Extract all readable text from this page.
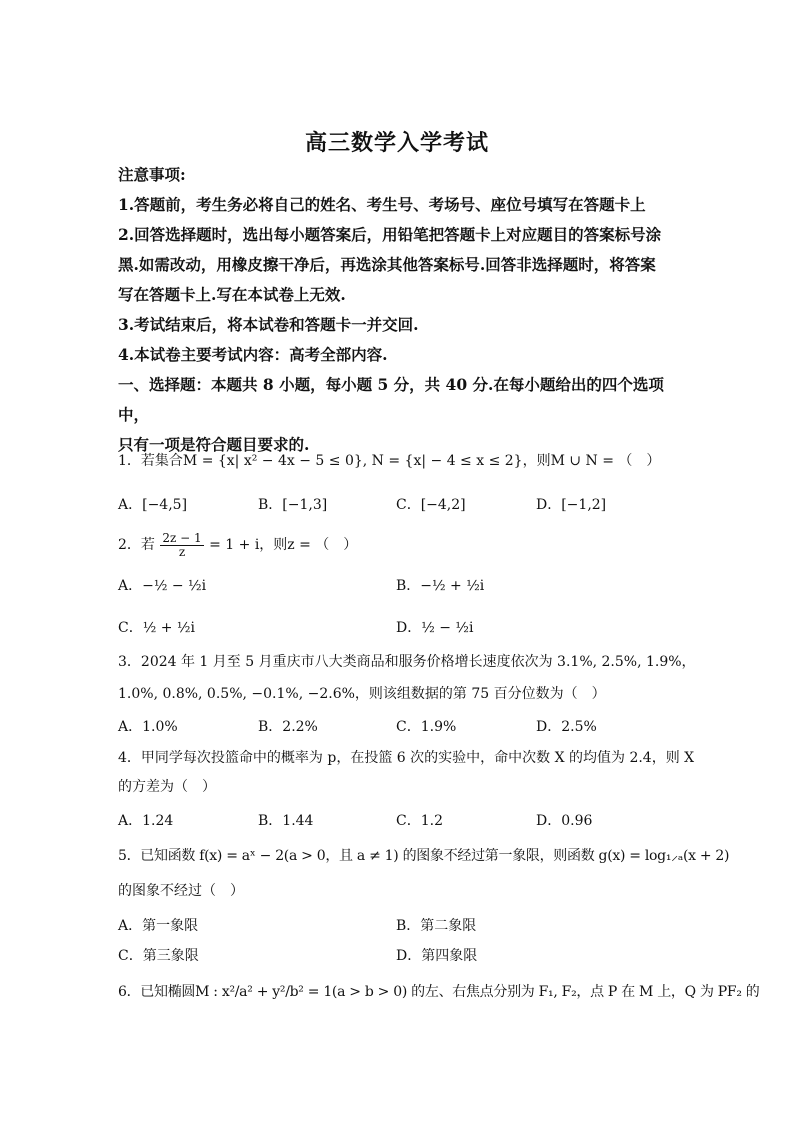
高三数学入学考试
注意事项:
1.答题前，考生务必将自己的姓名、考生号、考场号、座位号填写在答题卡上
2.回答选择题时，选出每小题答案后，用铅笔把答题卡上对应题目的答案标号涂
黑.如需改动，用橡皮擦干净后，再选涂其他答案标号.回答非选择题时，将答案
写在答题卡上.写在本试卷上无效.
3.考试结束后，将本试卷和答题卡一并交回.
4.本试卷主要考试内容：高考全部内容.
一、选择题：本题共 8 小题，每小题 5 分，共 40 分.在每小题给出的四个选项中，
只有一项是符合题目要求的.
1．若集合M = {x| x² − 4x − 5 ≤ 0}, N = {x| − 4 ≤ x ≤ 2}，则M ∪ N = （　）
A．[−4,5]	B．[−1,3]	C．[−4,2]	D．[−1,2]
2．若 $\frac{2z - 1}{z} = 1 + i$，则z = （　）
A．−½ − ½i	B．−½ + ½i
C．½ + ½i	D．½ − ½i
3．2024 年 1 月至 5 月重庆市八大类商品和服务价格增长速度依次为 3.1%, 2.5%, 1.9%，
1.0%, 0.8%, 0.5%, −0.1%, −2.6%，则该组数据的第 75 百分位数为（　）
A．1.0%	B．2.2%	C．1.9%	D．2.5%
4．甲同学每次投篮命中的概率为 p，在投篮 6 次的实验中，命中次数 X 的均值为 2.4，则 X
的方差为（　）
A．1.24	B．1.44	C．1.2	D．0.96
5．已知函数 f(x) = aˣ − 2(a > 0，且 a ≠ 1) 的图象不经过第一象限，则函数 g(x) = log₁⸝ₐ(x + 2)
的图象不经过（　）
A．第一象限	B．第二象限
C．第三象限	D．第四象限
6．已知椭圆M : x²/a² + y²/b² = 1(a > b > 0) 的左、右焦点分别为 F₁, F₂，点 P 在 M 上，Q 为 PF₂ 的
